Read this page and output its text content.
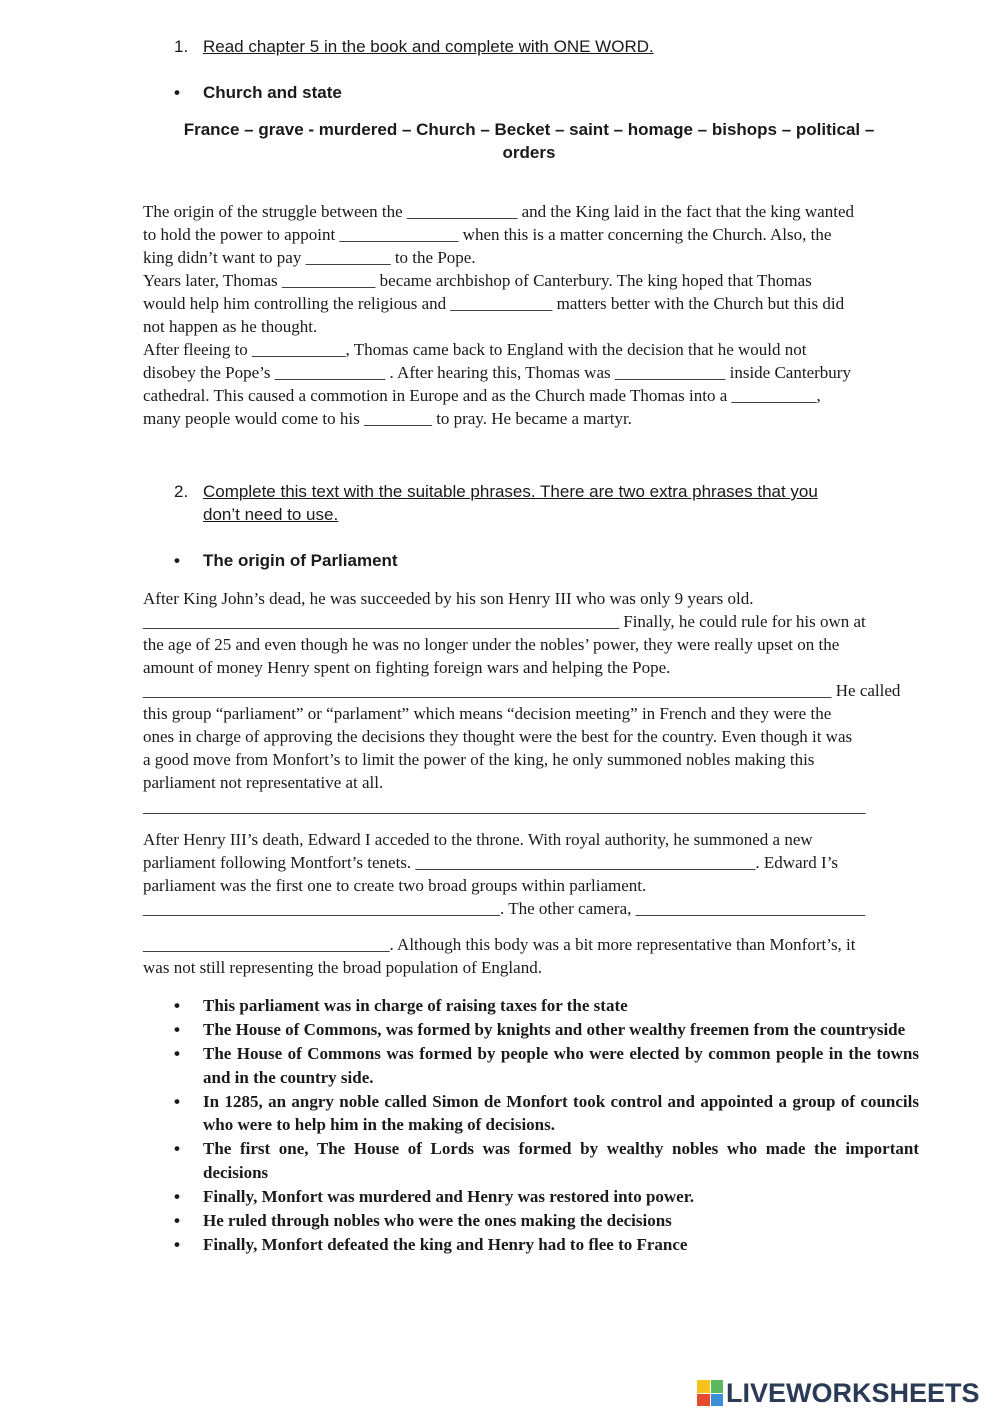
1. Read chapter 5 in the book and complete with ONE WORD.
• Church and state
France – grave - murdered – Church – Becket – saint – homage – bishops – political –
orders
The origin of the struggle between the _____________ and the King laid in the fact that the king wanted
to hold the power to appoint ______________ when this is a matter concerning the Church. Also, the
king didn’t want to pay __________ to the Pope.
Years later, Thomas ___________ became archbishop of Canterbury. The king hoped that Thomas
would help him controlling the religious and ____________ matters better with the Church but this did
not happen as he thought.
After fleeing to ___________, Thomas came back to England with the decision that he would not
disobey the Pope’s _____________ . After hearing this, Thomas was _____________ inside Canterbury
cathedral. This caused a commotion in Europe and as the Church made Thomas into a __________,
many people would come to his ________ to pray. He became a martyr.
2. Complete this text with the suitable phrases. There are two extra phrases that you
don’t need to use.
• The origin of Parliament
After King John’s dead, he was succeeded by his son Henry III who was only 9 years old.
________________________________________________________ Finally, he could rule for his own at
the age of 25 and even though he was no longer under the nobles’ power, they were really upset on the
amount of money Henry spent on fighting foreign wars and helping the Pope.
_________________________________________________________________________________ He called
this group “parliament” or “parlament” which means “decision meeting” in French and they were the
ones in charge of approving the decisions they thought were the best for the country. Even though it was
a good move from Monfort’s to limit the power of the king, he only summoned nobles making this
parliament not representative at all.
_____________________________________________________________________________________
After Henry III’s death, Edward I acceded to the throne. With royal authority, he summoned a new
parliament following Montfort’s tenets. ________________________________________. Edward I’s
parliament was the first one to create two broad groups within parliament.
__________________________________________. The other camera, ___________________________
_____________________________. Although this body was a bit more representative than Monfort’s, it
was not still representing the broad population of England.
• This parliament was in charge of raising taxes for the state
• The House of Commons, was formed by knights and other wealthy freemen from the countryside
• The House of Commons was formed by people who were elected by common people in the towns and in the country side.
• In 1285, an angry noble called Simon de Monfort took control and appointed a group of councils who were to help him in the making of decisions.
• The first one, The House of Lords was formed by wealthy nobles who made the important decisions
• Finally, Monfort was murdered and Henry was restored into power.
• He ruled through nobles who were the ones making the decisions
• Finally, Monfort defeated the king and Henry had to flee to France
LIVEWORKSHEETS
